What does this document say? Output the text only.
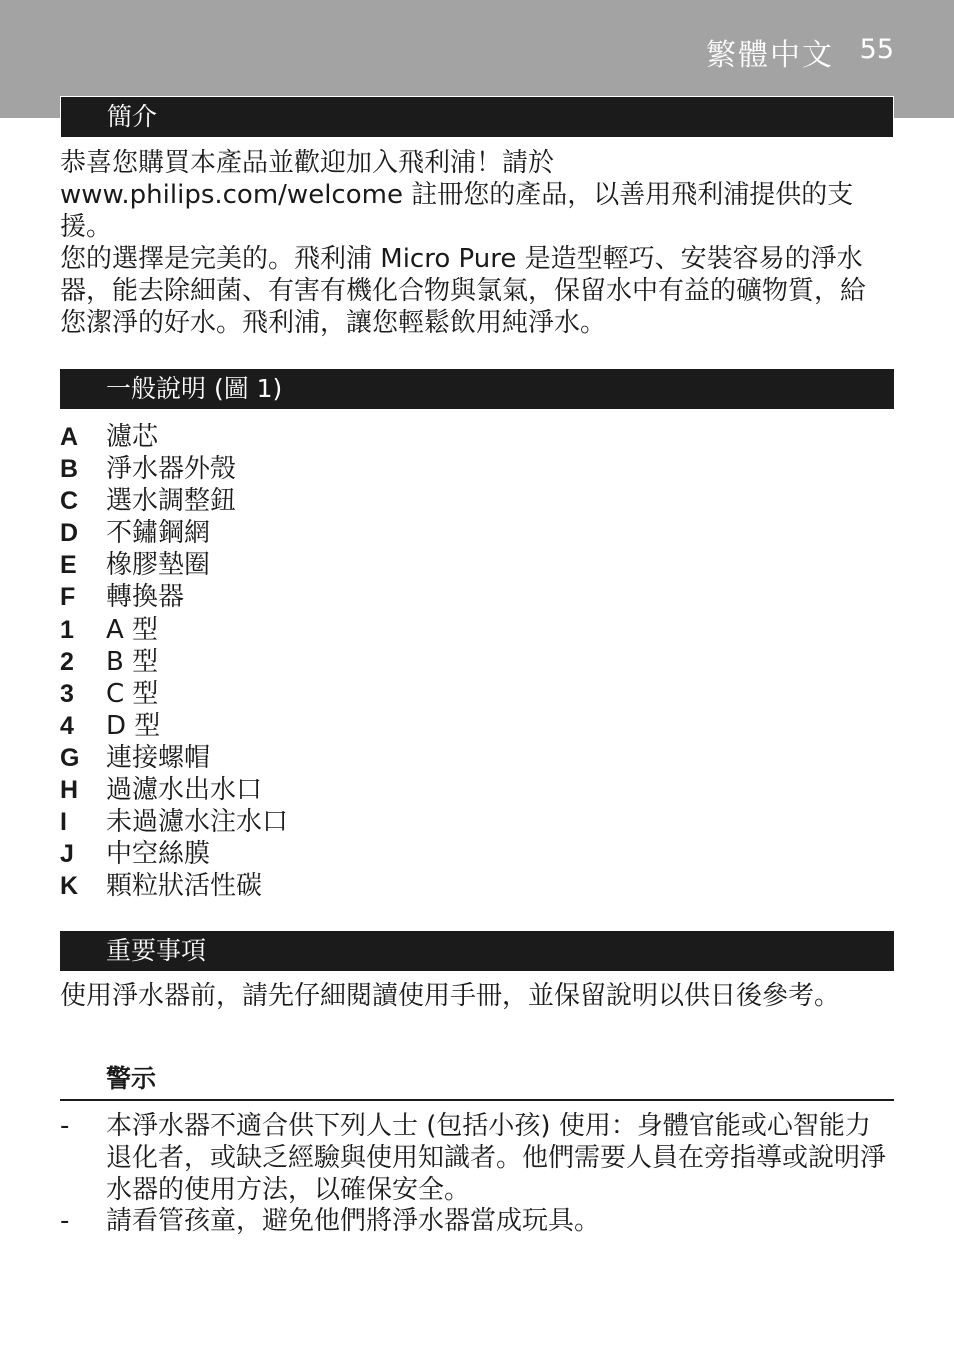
繁體中文 55
簡介

恭喜您購買本產品並歡迎加入飛利浦！請於 www.philips.com/welcome 註冊您的產品，以善用飛利浦提供的支援。

您的選擇是完美的。飛利浦 Micro Pure 是造型輕巧、安裝容易的淨水器，能去除細菌、有害有機化合物與氯氣，保留水中有益的礦物質，給您潔淨的好水。飛利浦，讓您輕鬆飲用純淨水。

一般說明 (圖 1)
A 濾芯
B 淨水器外殼
C 選水調整鈕
D 不鏽鋼網
E 橡膠墊圈
F 轉換器
1 A 型
2 B 型
3 C 型
4 D 型
G 連接螺帽
H 過濾水出水口
I 未過濾水注水口
J 中空絲膜
K 顆粒狀活性碳
重要事項

使用淨水器前，請先仔細閱讀使用手冊，並保留說明以供日後參考。

警示
-	本淨水器不適合供下列人士 (包括小孩) 使用：身體官能或心智能力退化者，或缺乏經驗與使用知識者。他們需要人員在旁指導或說明淨水器的使用方法，以確保安全。
-	請看管孩童，避免他們將淨水器當成玩具。
